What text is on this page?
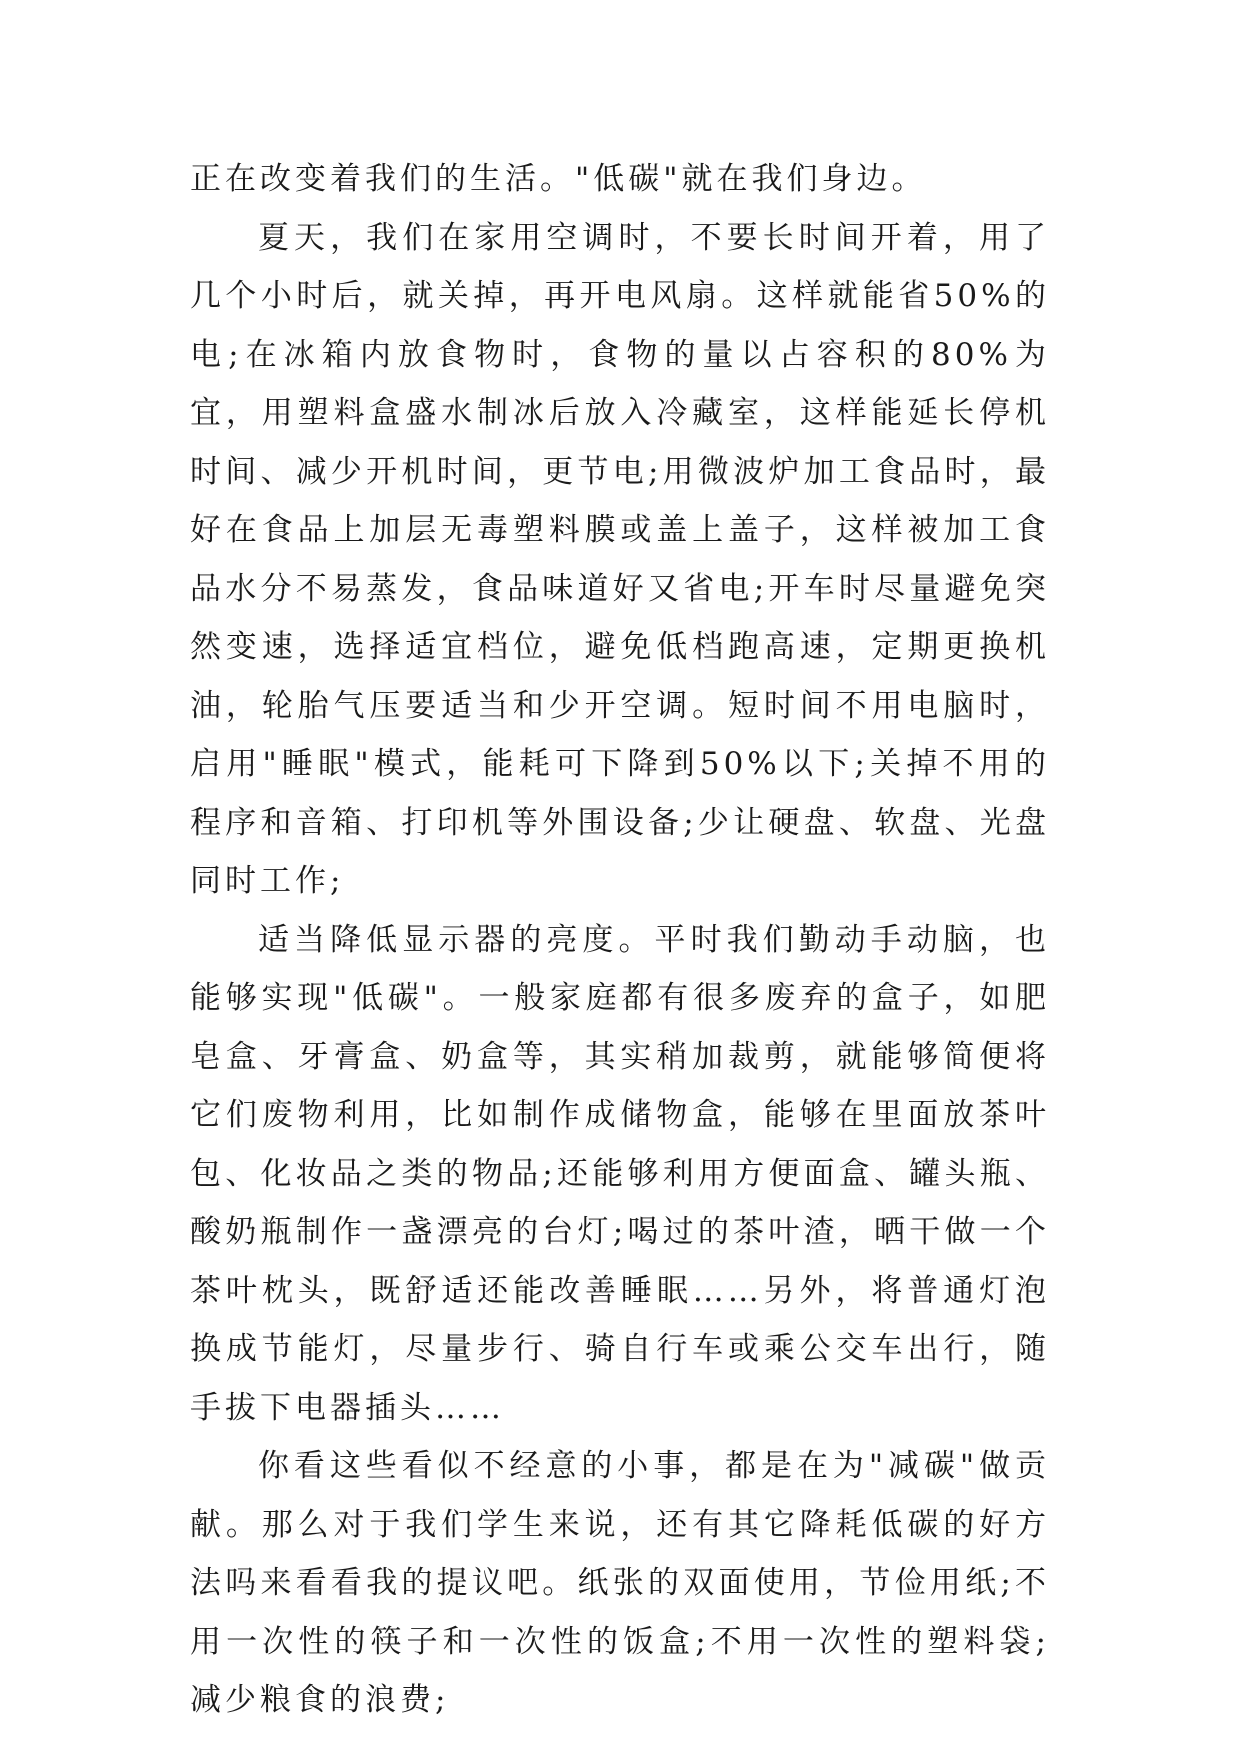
正在改变着我们的生活。"低碳"就在我们身边。

夏天，我们在家用空调时，不要长时间开着，用了几个小时后，就关掉，再开电风扇。这样就能省50%的电;在冰箱内放食物时，食物的量以占容积的80%为宜，用塑料盒盛水制冰后放入冷藏室，这样能延长停机时间、减少开机时间，更节电;用微波炉加工食品时，最好在食品上加层无毒塑料膜或盖上盖子，这样被加工食品水分不易蒸发，食品味道好又省电;开车时尽量避免突然变速，选择适宜档位，避免低档跑高速，定期更换机油，轮胎气压要适当和少开空调。短时间不用电脑时，启用"睡眠"模式，能耗可下降到50%以下;关掉不用的程序和音箱、打印机等外围设备;少让硬盘、软盘、光盘同时工作;

适当降低显示器的亮度。平时我们勤动手动脑，也能够实现"低碳"。一般家庭都有很多废弃的盒子，如肥皂盒、牙膏盒、奶盒等，其实稍加裁剪，就能够简便将它们废物利用，比如制作成储物盒，能够在里面放茶叶包、化妆品之类的物品;还能够利用方便面盒、罐头瓶、酸奶瓶制作一盏漂亮的台灯;喝过的茶叶渣，晒干做一个茶叶枕头，既舒适还能改善睡眠……另外，将普通灯泡换成节能灯，尽量步行、骑自行车或乘公交车出行，随手拔下电器插头……

你看这些看似不经意的小事，都是在为"减碳"做贡献。那么对于我们学生来说，还有其它降耗低碳的好方法吗来看看我的提议吧。纸张的双面使用，节俭用纸;不用一次性的筷子和一次性的饭盒;不用一次性的塑料袋;减少粮食的浪费;
